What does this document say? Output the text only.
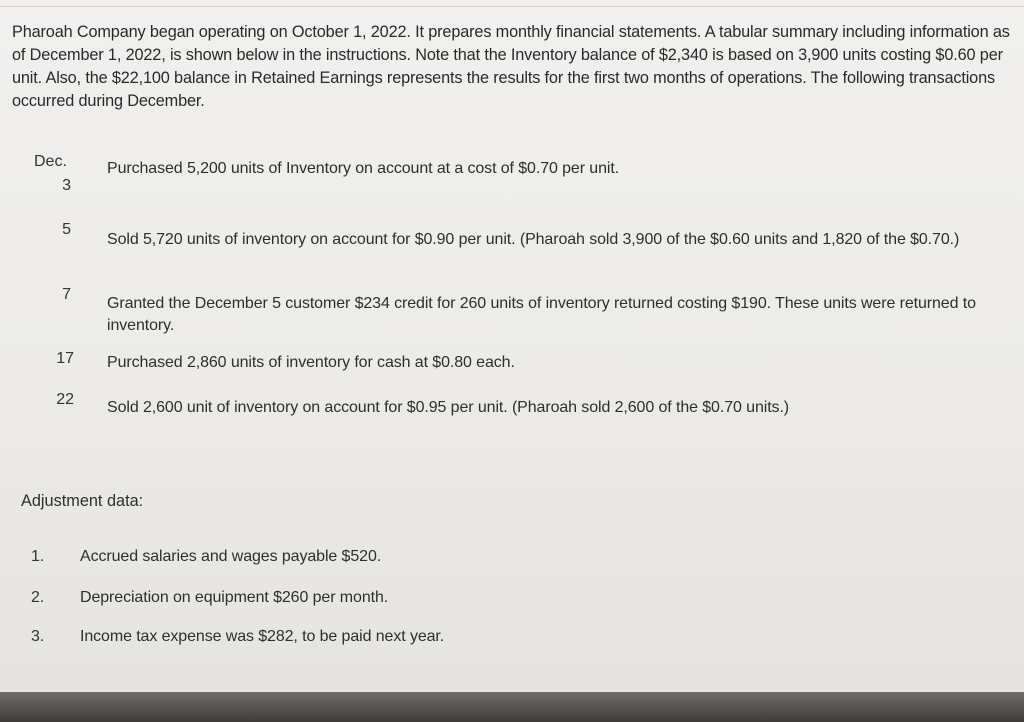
Pharoah Company began operating on October 1, 2022. It prepares monthly financial statements. A tabular summary including information as of December 1, 2022, is shown below in the instructions. Note that the Inventory balance of $2,340 is based on 3,900 units costing $0.60 per unit. Also, the $22,100 balance in Retained Earnings represents the results for the first two months of operations. The following transactions occurred during December.

Dec.
3
Purchased 5,200 units of Inventory on account at a cost of $0.70 per unit.
5
Sold 5,720 units of inventory on account for $0.90 per unit. (Pharoah sold 3,900 of the $0.60 units and 1,820 of the $0.70.)
7
Granted the December 5 customer $234 credit for 260 units of inventory returned costing $190. These units were returned to inventory.
17 Purchased 2,860 units of inventory for cash at $0.80 each.
22 Sold 2,600 unit of inventory on account for $0.95 per unit. (Pharoah sold 2,600 of the $0.70 units.)
Adjustment data:
1. Accrued salaries and wages payable $520.
2. Depreciation on equipment $260 per month.
3. Income tax expense was $282, to be paid next year.
